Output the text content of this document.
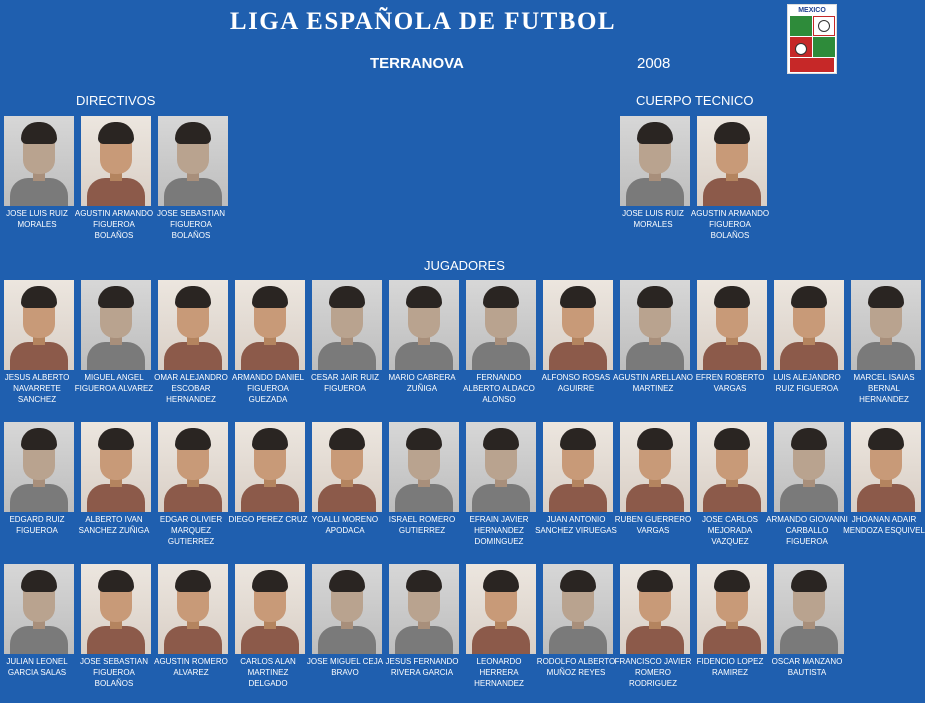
LIGA ESPAÑOLA DE FUTBOL
TERRANOVA	2008
MEXICO
DIRECTIVOS	CUERPO TECNICO
JUGADORES
JOSE LUIS RUIZ MORALES
AGUSTIN ARMANDO FIGUEROA BOLAÑOS
JOSE SEBASTIAN FIGUEROA BOLAÑOS
JOSE LUIS RUIZ MORALES
AGUSTIN ARMANDO FIGUEROA BOLAÑOS
JESUS ALBERTO NAVARRETE SANCHEZ
MIGUEL ANGEL FIGUEROA ALVAREZ
OMAR ALEJANDRO ESCOBAR HERNANDEZ
ARMANDO DANIEL FIGUEROA GUEZADA
CESAR JAIR RUIZ FIGUEROA
MARIO CABRERA ZUÑIGA
FERNANDO ALBERTO ALDACO ALONSO
ALFONSO ROSAS AGUIRRE
AGUSTIN ARELLANO MARTINEZ
EFREN ROBERTO VARGAS
LUIS ALEJANDRO RUIZ FIGUEROA
MARCEL ISAIAS BERNAL HERNANDEZ
EDGARD RUIZ FIGUEROA
ALBERTO IVAN SANCHEZ ZUÑIGA
EDGAR OLIVIER MARQUEZ GUTIERREZ
DIEGO PEREZ CRUZ YOALLI MORENO APODACA
ISRAEL ROMERO GUTIERREZ
EFRAIN JAVIER HERNANDEZ DOMINGUEZ
JUAN ANTONIO SANCHEZ VIRUEGAS
RUBEN GUERRERO VARGAS
JOSE CARLOS MEJORADA VAZQUEZ
ARMANDO GIOVANNI CARBALLO FIGUEROA
JHOANAN ADAIR MENDOZA ESQUIVEL
JULIAN LEONEL GARCIA SALAS
JOSE SEBASTIAN FIGUEROA BOLAÑOS
AGUSTIN ROMERO ALVAREZ
CARLOS ALAN MARTINEZ DELGADO
JOSE MIGUEL CEJA BRAVO
JESUS FERNANDO RIVERA GARCIA
LEONARDO HERRERA HERNANDEZ
RODOLFO ALBERTO MUÑOZ REYES
FRANCISCO JAVIER ROMERO RODRIGUEZ
FIDENCIO LOPEZ RAMIREZ
OSCAR MANZANO BAUTISTA
